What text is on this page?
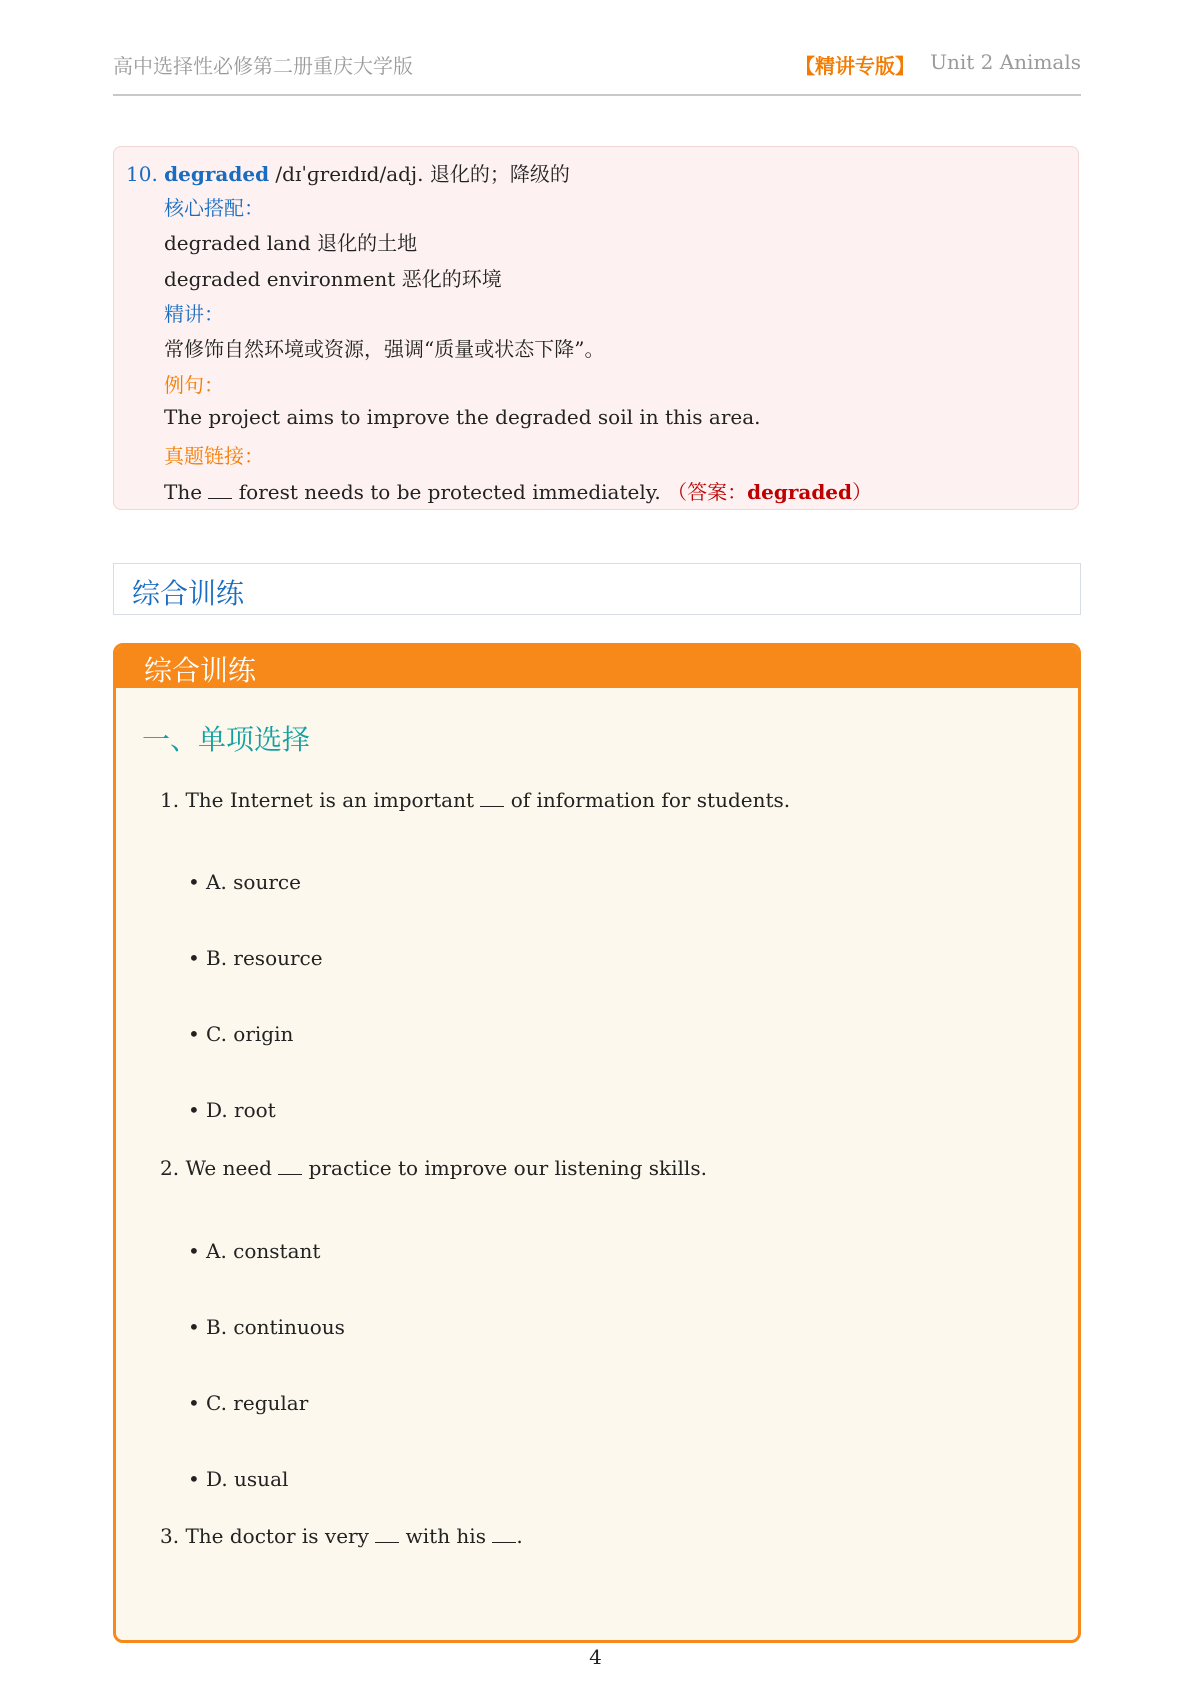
高中选择性必修第二册重庆大学版	【精讲专版】 Unit 2 Animals
10. degraded /dɪˈɡreɪdɪd/adj. 退化的；降级的
核心搭配：
degraded land 退化的土地
degraded environment 恶化的环境
精讲：
常修饰自然环境或资源，强调“质量或状态下降”。
例句：
The project aims to improve the degraded soil in this area.
真题链接：
The  forest needs to be protected immediately. （答案：degraded）
综合训练
综合训练
一、单项选择
1. The Internet is an important  of information for students.
• A. source
• B. resource
• C. origin
• D. root
2. We need  practice to improve our listening skills.
• A. constant
• B. continuous
• C. regular
• D. usual
3. The doctor is very  with his .
4
